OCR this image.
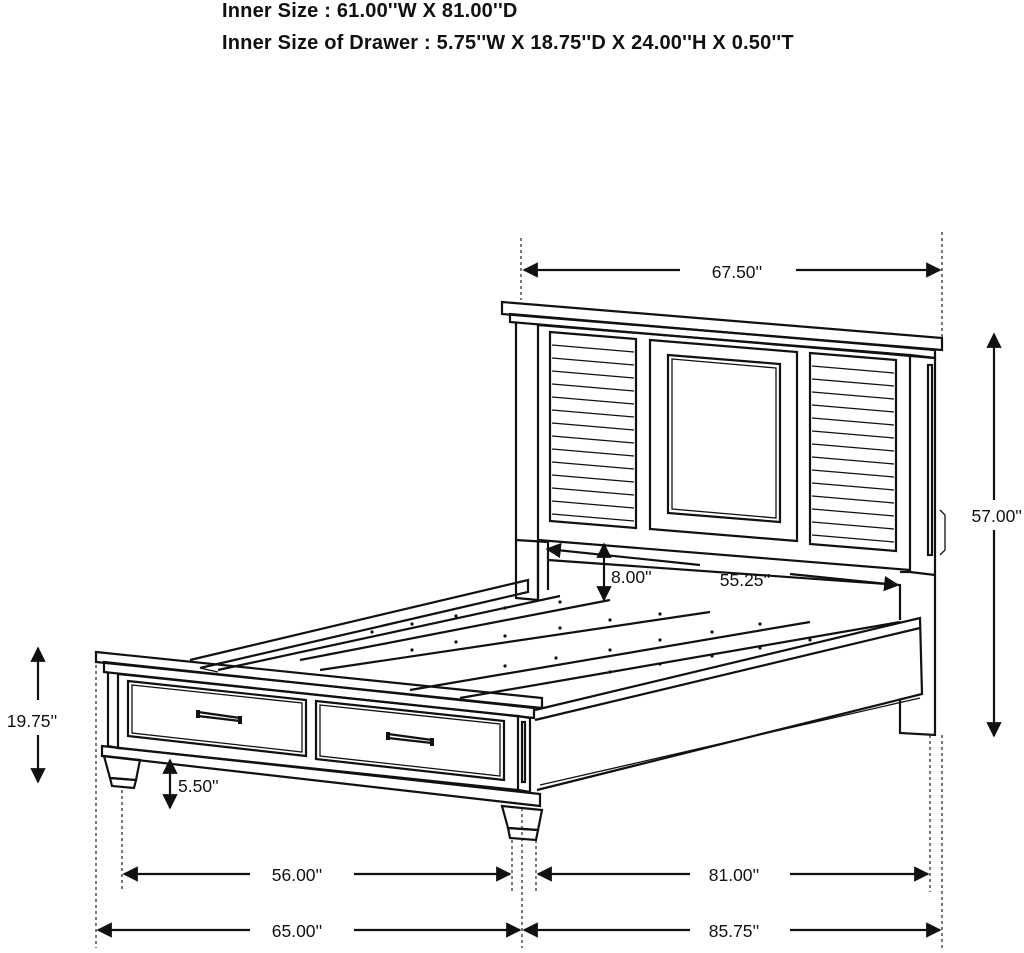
Inner Size : 61.00''W X 81.00''D
Inner Size of Drawer : 5.75''W X 18.75''D X 24.00''H X 0.50''T
67.50''
57.00''
8.00''	55.25''
19.75''
5.50''
56.00''	81.00''
65.00''	85.75''
